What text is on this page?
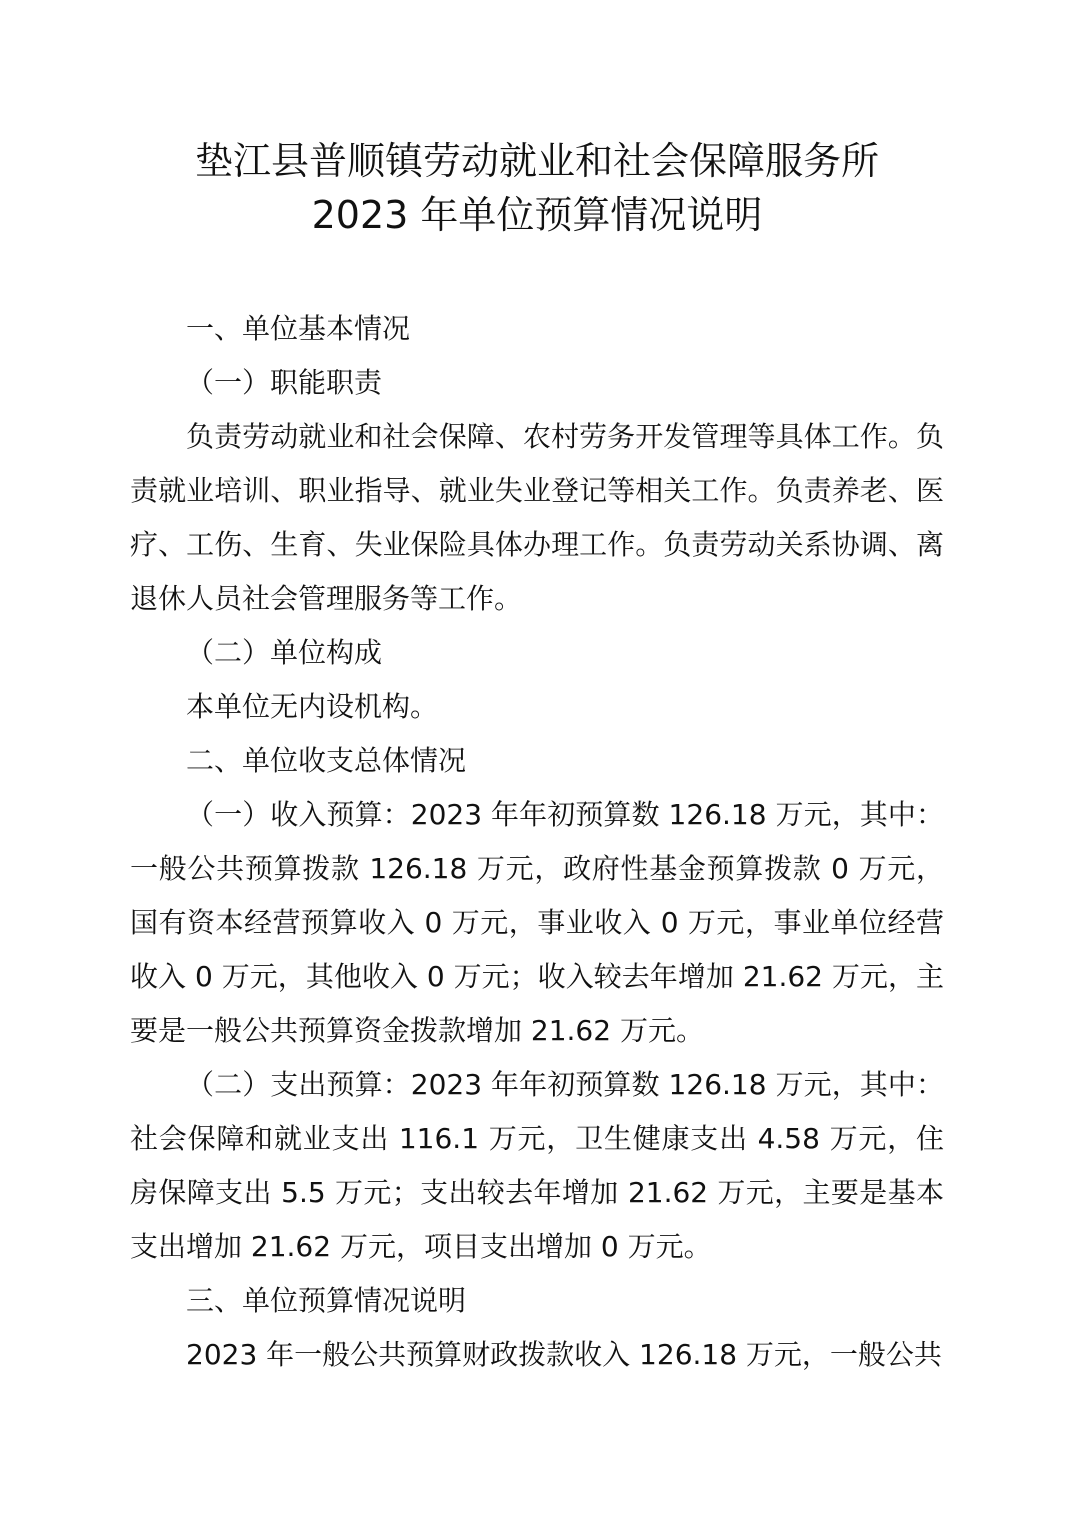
垫江县普顺镇劳动就业和社会保障服务所
2023 年单位预算情况说明

一、单位基本情况

（一）职能职责

负责劳动就业和社会保障、农村劳务开发管理等具体工作。负责就业培训、职业指导、就业失业登记等相关工作。负责养老、医疗、工伤、生育、失业保险具体办理工作。负责劳动关系协调、离退休人员社会管理服务等工作。

（二）单位构成

本单位无内设机构。

二、单位收支总体情况

（一）收入预算：2023 年年初预算数 126.18 万元，其中：一般公共预算拨款 126.18 万元，政府性基金预算拨款 0 万元，国有资本经营预算收入 0 万元，事业收入 0 万元，事业单位经营收入 0 万元，其他收入 0 万元；收入较去年增加 21.62 万元，主要是一般公共预算资金拨款增加 21.62 万元。

（二）支出预算：2023 年年初预算数 126.18 万元，其中：社会保障和就业支出 116.1 万元，卫生健康支出 4.58 万元，住房保障支出 5.5 万元；支出较去年增加 21.62 万元，主要是基本支出增加 21.62 万元，项目支出增加 0 万元。

三、单位预算情况说明

2023 年一般公共预算财政拨款收入 126.18 万元，一般公共
